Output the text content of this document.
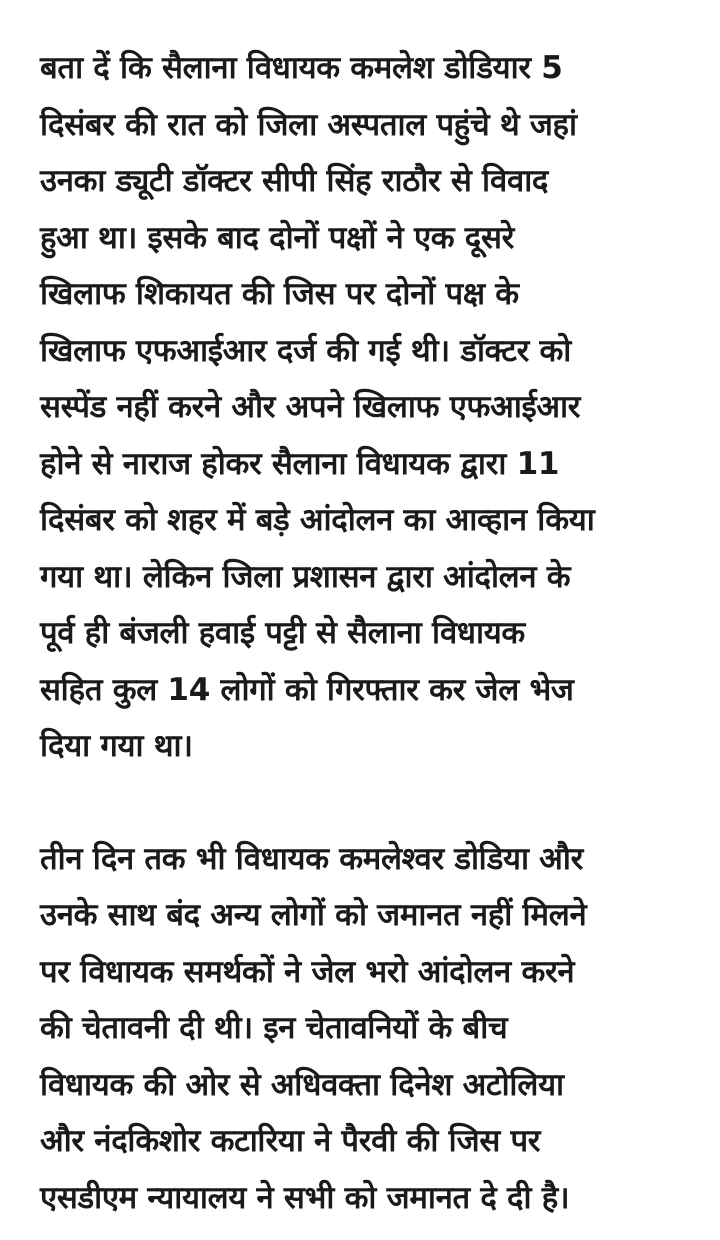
बता दें कि सैलाना विधायक कमलेश डोडियार 5
दिसंबर की रात को जिला अस्पताल पहुंचे थे जहां
उनका ड्यूटी डॉक्टर सीपी सिंह राठौर से विवाद
हुआ था। इसके बाद दोनों पक्षों ने एक दूसरे
खिलाफ शिकायत की जिस पर दोनों पक्ष के
खिलाफ एफआईआर दर्ज की गई थी। डॉक्टर को
सस्पेंड नहीं करने और अपने खिलाफ एफआईआर
होने से नाराज होकर सैलाना विधायक द्वारा 11
दिसंबर को शहर में बड़े आंदोलन का आव्हान किया
गया था। लेकिन जिला प्रशासन द्वारा आंदोलन के
पूर्व ही बंजली हवाई पट्टी से सैलाना विधायक
सहित कुल 14 लोगों को गिरफ्तार कर जेल भेज
दिया गया था।

तीन दिन तक भी विधायक कमलेश्वर डोडिया और
उनके साथ बंद अन्य लोगों को जमानत नहीं मिलने
पर विधायक समर्थकों ने जेल भरो आंदोलन करने
की चेतावनी दी थी। इन चेतावनियों के बीच
विधायक की ओर से अधिवक्ता दिनेश अटोलिया
और नंदकिशोर कटारिया ने पैरवी की जिस पर
एसडीएम न्यायालय ने सभी को जमानत दे दी है।
